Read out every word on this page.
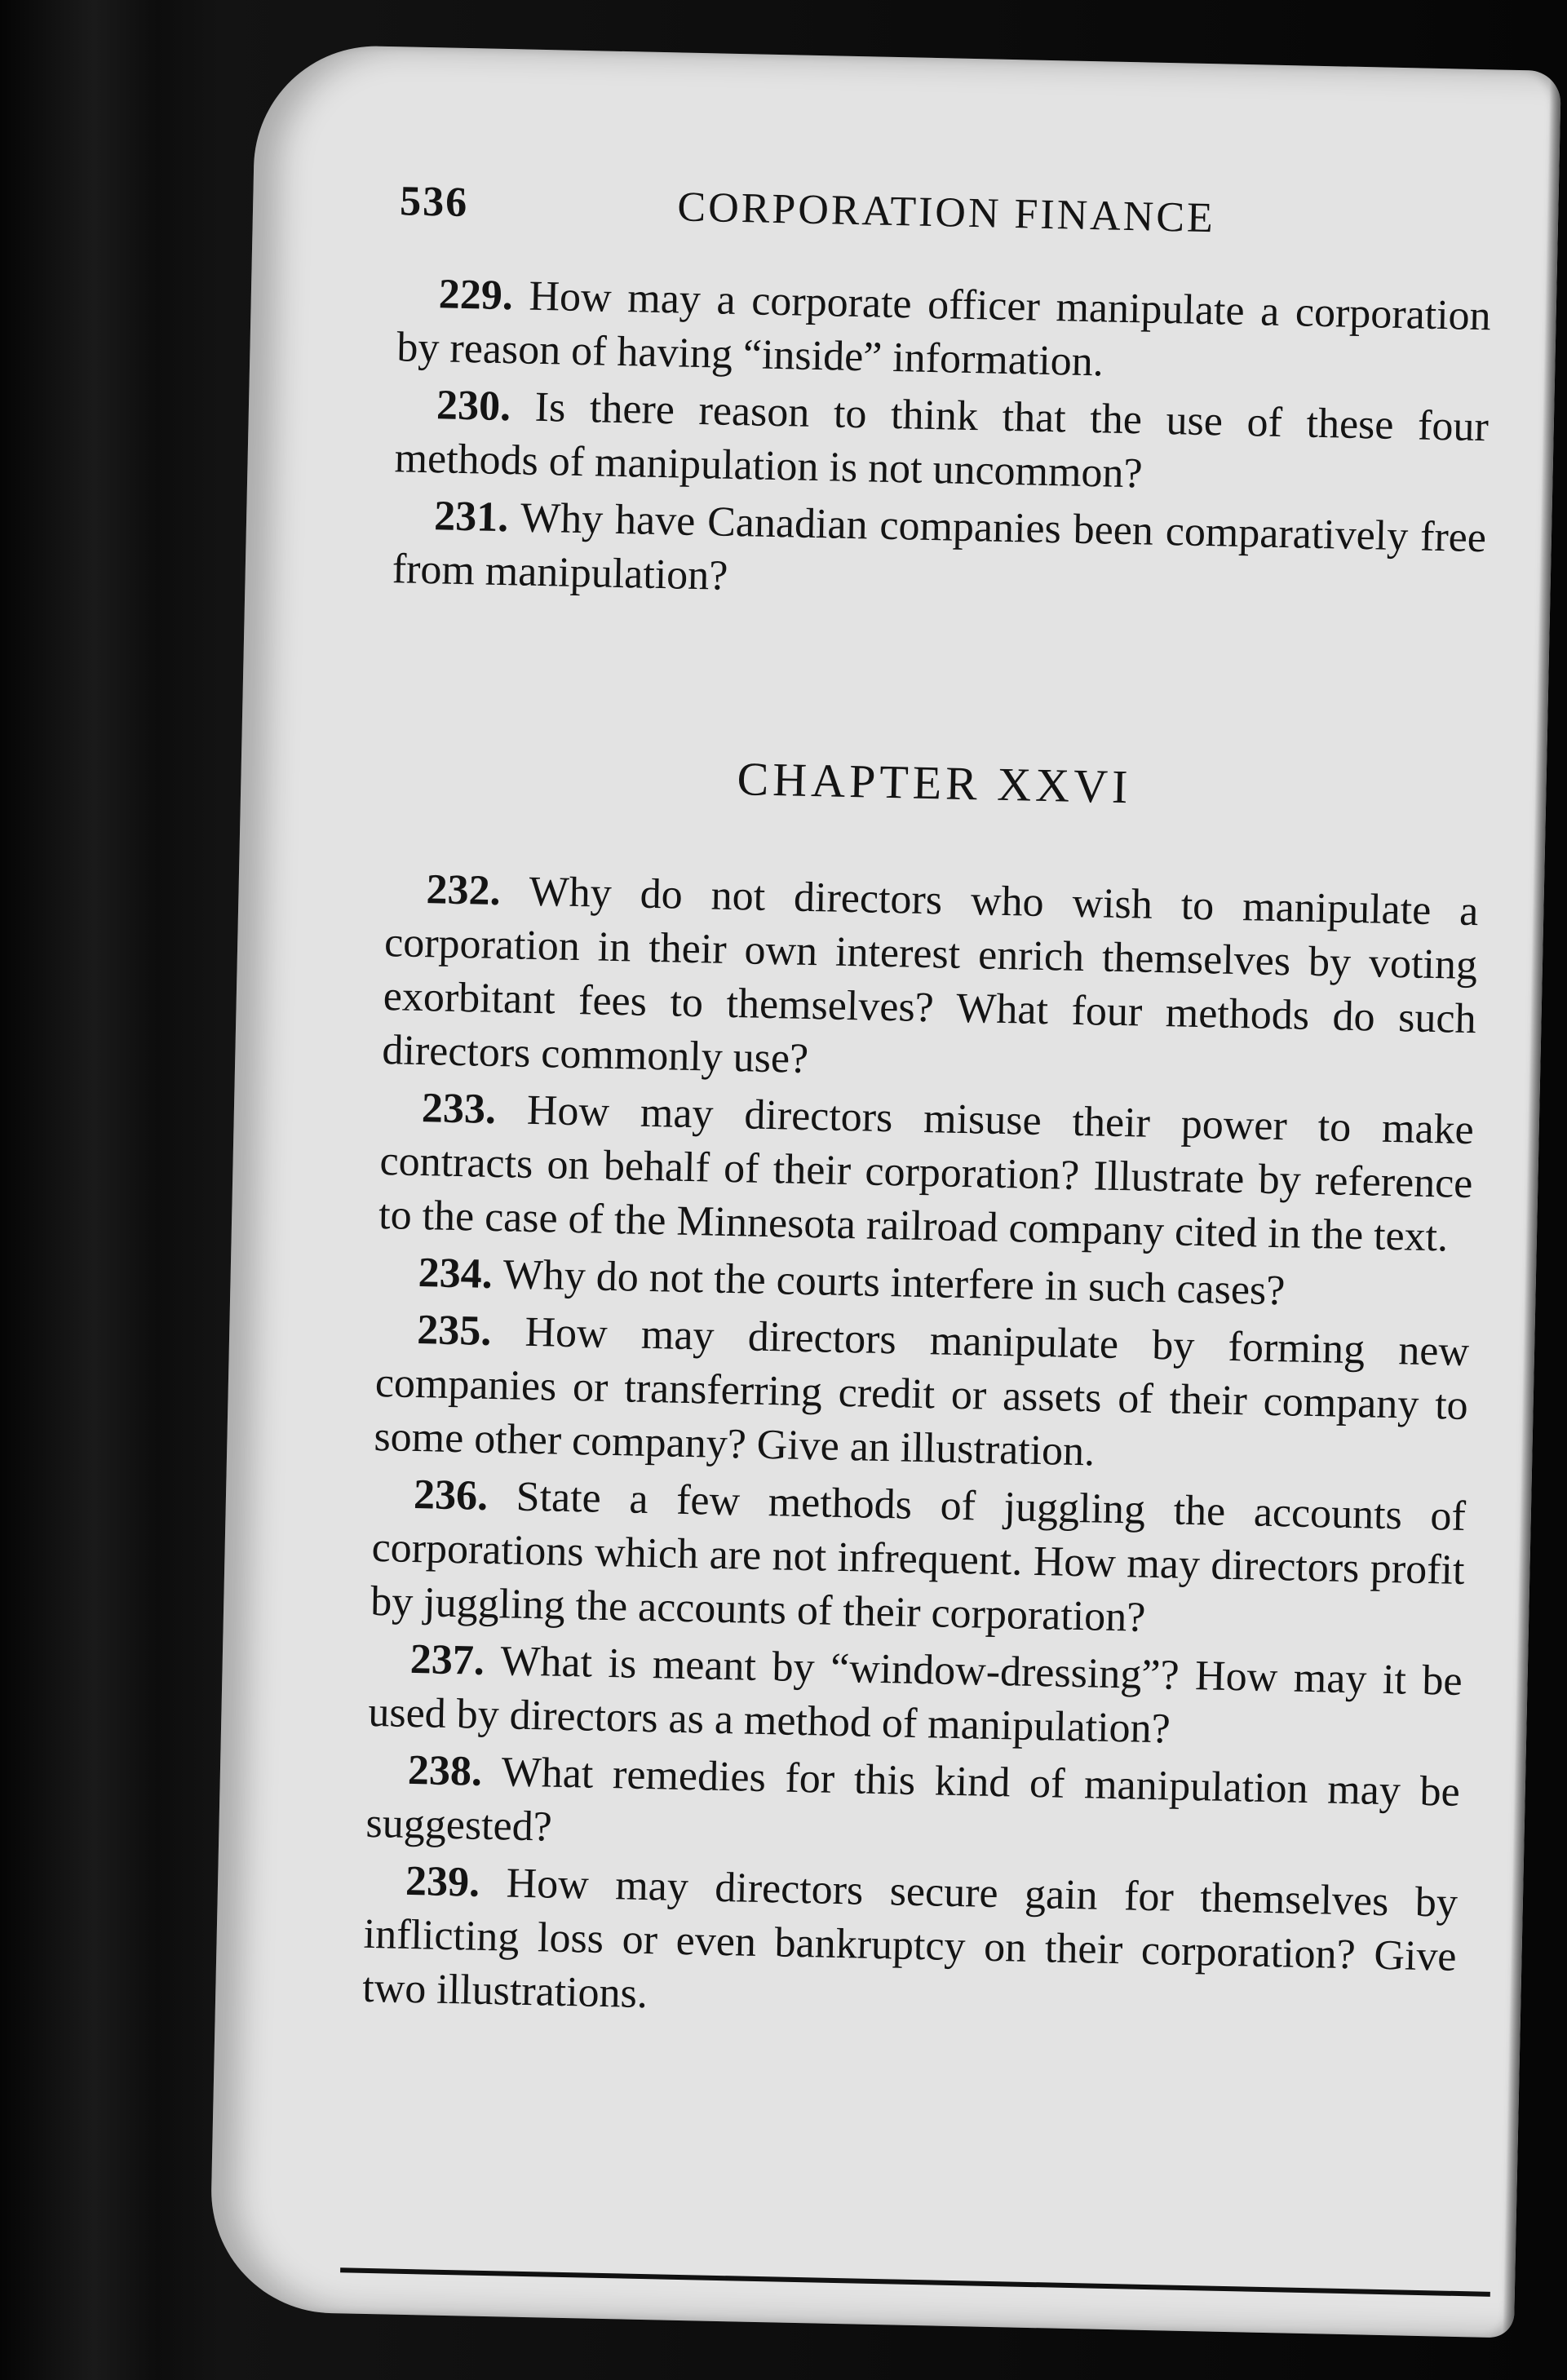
536	CORPORATION FINANCE

229 . How may a corporate officer manipulate a corporation by reason of having “inside” information.

230 . Is there reason to think that the use of these four methods of manipulation is not uncommon?

231 . Why have Canadian companies been comparatively free from manipulation?

CHAPTER XXVI

232 . Why do not directors who wish to manipulate a corporation in their own interest enrich themselves by voting exorbitant fees to themselves? What four methods do such directors commonly use?

233 . How may directors misuse their power to make contracts on behalf of their corporation? Illustrate by reference to the case of the Minnesota railroad company cited in the text.

234 . Why do not the courts interfere in such cases?

235 . How may directors manipulate by forming new companies or transferring credit or assets of their company to some other company? Give an illustration.

236 . State a few methods of juggling the accounts of corporations which are not infrequent. How may directors profit by juggling the accounts of their corporation?

237 . What is meant by “window-dressing”? How may it be used by directors as a method of manipulation?

238 . What remedies for this kind of manipulation may be suggested?

239 . How may directors secure gain for themselves by inflicting loss or even bankruptcy on their corporation? Give two illustrations.
